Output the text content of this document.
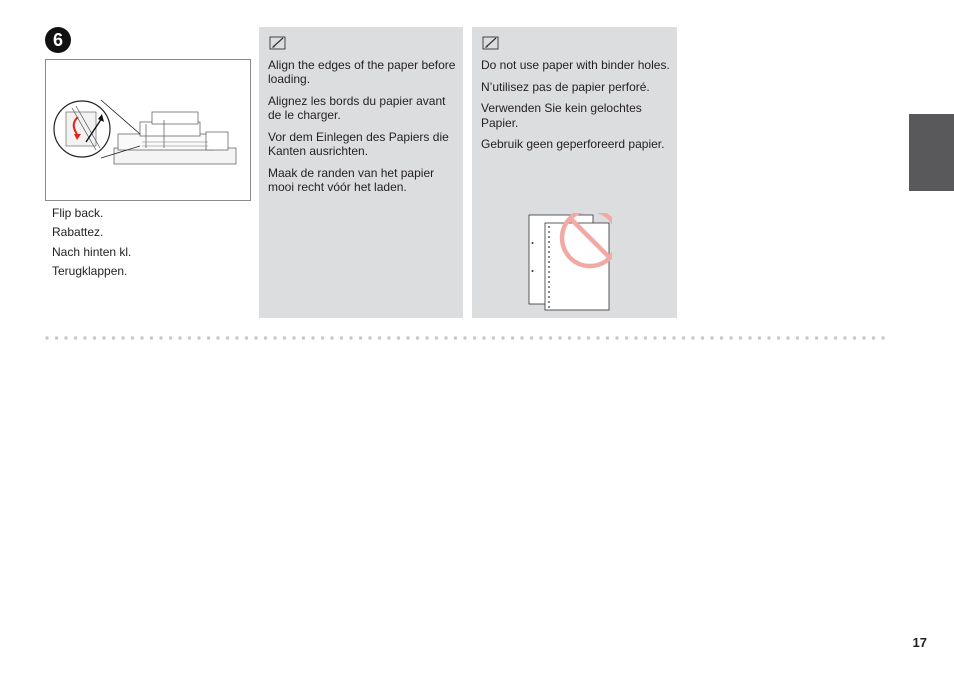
6
Flip back.
Rabattez.
Nach hinten kl.
Terugklappen.

Align the edges of the paper before loading.

Alignez les bords du papier avant de le charger.

Vor dem Einlegen des Papiers die Kanten ausrichten.

Maak de randen van het papier mooi recht vóór het laden.

Do not use paper with binder holes.

N’utilisez pas de papier perforé.

Verwenden Sie kein gelochtes Papier.

Gebruik geen geperforeerd papier.

17
